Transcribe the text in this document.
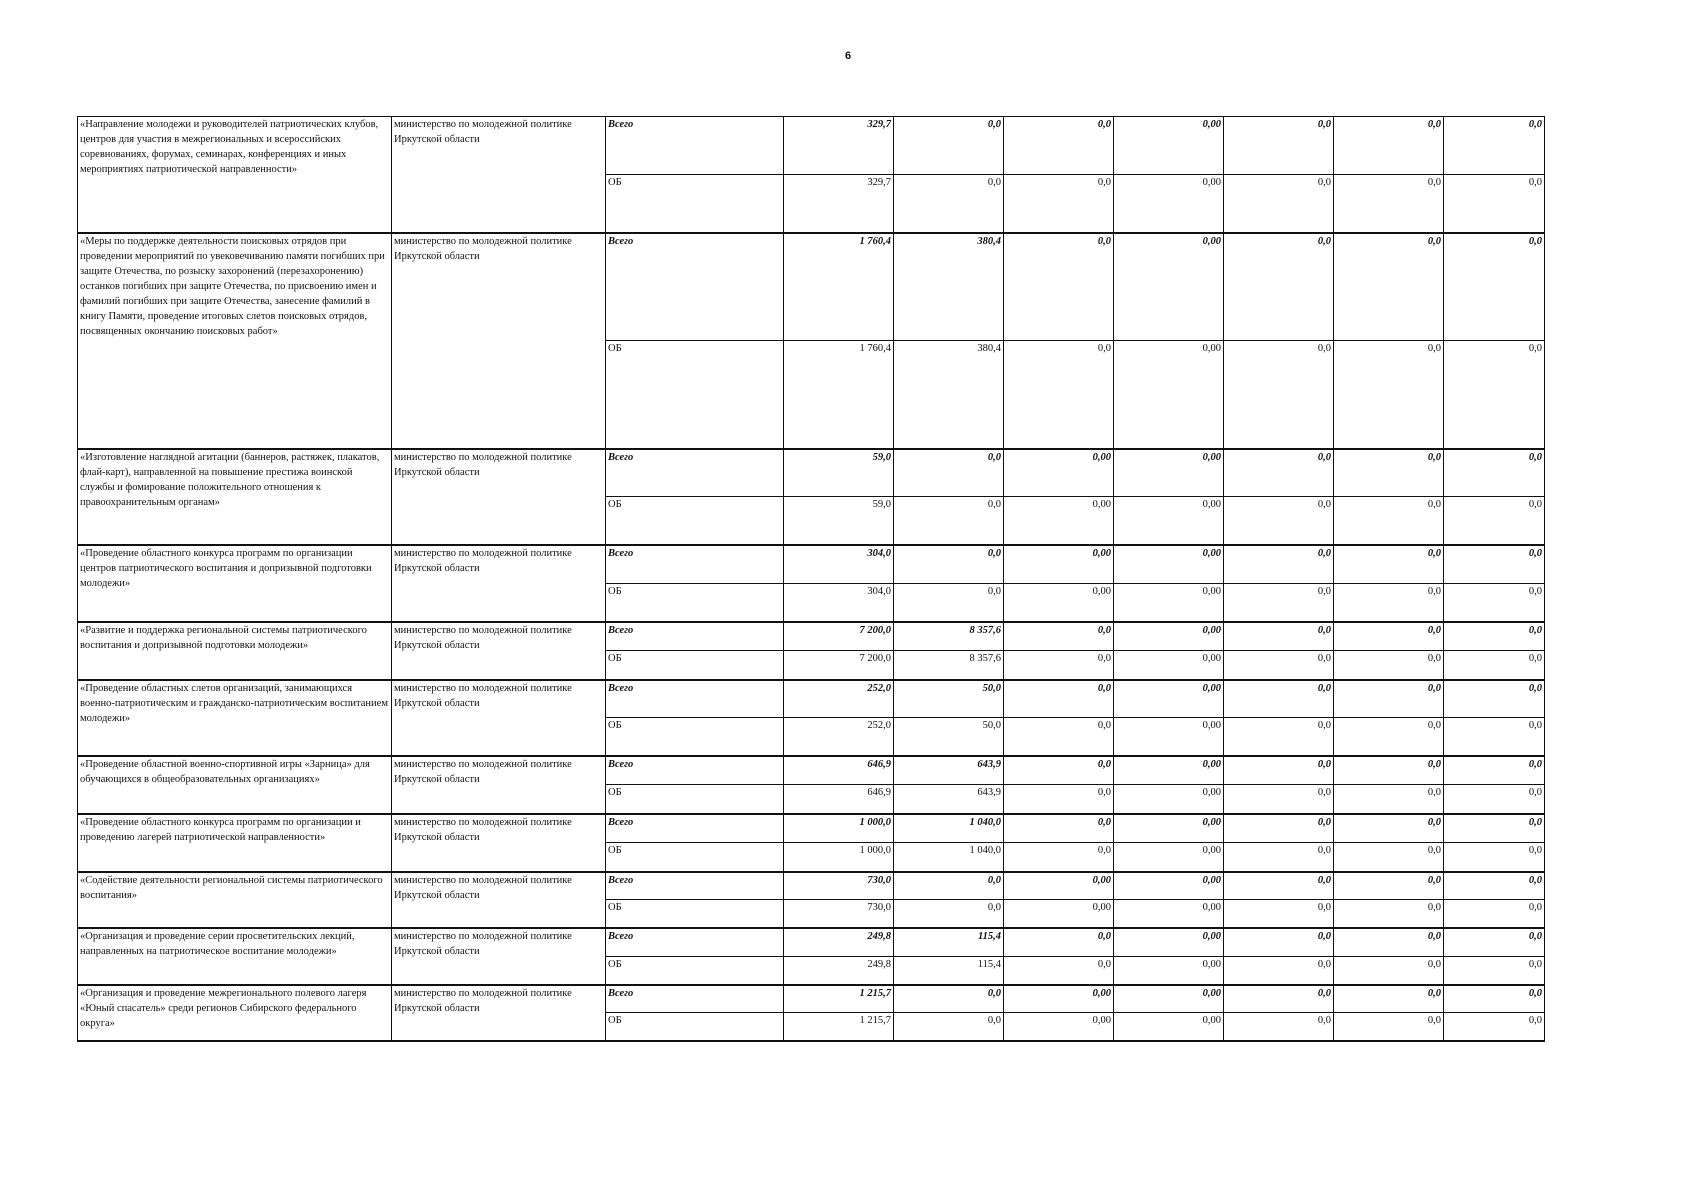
6
«Направление молодежи и руководителей патриотических клубов, центров для участия в межрегиональных и всероссийских соревнованиях, форумах, семинарах, конференциях и иных мероприятиях патриотической направленности»	министерство по молодежной политике Иркутской области	Всего	329,7	0,0	0,0	0,00	0,0	0,0	0,0
		ОБ	329,7	0,0	0,0	0,00	0,0	0,0	0,0
«Меры по поддержке деятельности поисковых отрядов при проведении мероприятий по увековечиванию памяти погибших при защите Отечества, по розыску захоронений (перезахоронению) останков погибших при защите Отечества, по присвоению имен и фамилий погибших при защите Отечества, занесение фамилий в книгу Памяти, проведение итоговых слетов поисковых отрядов, посвященных окончанию поисковых работ»	министерство по молодежной политике Иркутской области	Всего	1 760,4	380,4	0,0	0,00	0,0	0,0	0,0
		ОБ	1 760,4	380,4	0,0	0,00	0,0	0,0	0,0
«Изготовление наглядной агитации (баннеров, растяжек, плакатов, флай-карт), направленной на повышение престижа воинской службы и фомирование положительного отношения к правоохранительным органам»	министерство по молодежной политике Иркутской области	Всего	59,0	0,0	0,00	0,00	0,0	0,0	0,0
		ОБ	59,0	0,0	0,00	0,00	0,0	0,0	0,0
«Проведение областного конкурса программ по организации центров патриотического воспитания и допризывной подготовки молодежи»	министерство по молодежной политике Иркутской области	Всего	304,0	0,0	0,00	0,00	0,0	0,0	0,0
		ОБ	304,0	0,0	0,00	0,00	0,0	0,0	0,0
«Развитие и поддержка региональной системы патриотического воспитания и допризывной подготовки молодежи»	министерство по молодежной политике Иркутской области	Всего	7 200,0	8 357,6	0,0	0,00	0,0	0,0	0,0
		ОБ	7 200,0	8 357,6	0,0	0,00	0,0	0,0	0,0
«Проведение областных слетов организаций, занимающихся военно-патриотическим и гражданско-патриотическим воспитанием молодежи»	министерство по молодежной политике Иркутской области	Всего	252,0	50,0	0,0	0,00	0,0	0,0	0,0
		ОБ	252,0	50,0	0,0	0,00	0,0	0,0	0,0
«Проведение областной военно-спортивной игры «Зарница» для обучающихся в общеобразовательных организациях»	министерство по молодежной политике Иркутской области	Всего	646,9	643,9	0,0	0,00	0,0	0,0	0,0
		ОБ	646,9	643,9	0,0	0,00	0,0	0,0	0,0
«Проведение областного конкурса программ по организации и проведению лагерей патриотической направленности»	министерство по молодежной политике Иркутской области	Всего	1 000,0	1 040,0	0,0	0,00	0,0	0,0	0,0
		ОБ	1 000,0	1 040,0	0,0	0,00	0,0	0,0	0,0
«Содействие деятельности региональной системы патриотического воспитания»	министерство по молодежной политике Иркутской области	Всего	730,0	0,0	0,00	0,00	0,0	0,0	0,0
		ОБ	730,0	0,0	0,00	0,00	0,0	0,0	0,0
«Организация и проведение серии просветительских лекций, направленных на патриотическое воспитание молодежи»	министерство по молодежной политике Иркутской области	Всего	249,8	115,4	0,0	0,00	0,0	0,0	0,0
		ОБ	249,8	115,4	0,0	0,00	0,0	0,0	0,0
«Организация и проведение межрегионального полевого лагеря «Юный спасатель» среди регионов Сибирского федерального округа»	министерство по молодежной политике Иркутской области	Всего	1 215,7	0,0	0,00	0,00	0,0	0,0	0,0
		ОБ	1 215,7	0,0	0,00	0,00	0,0	0,0	0,0
